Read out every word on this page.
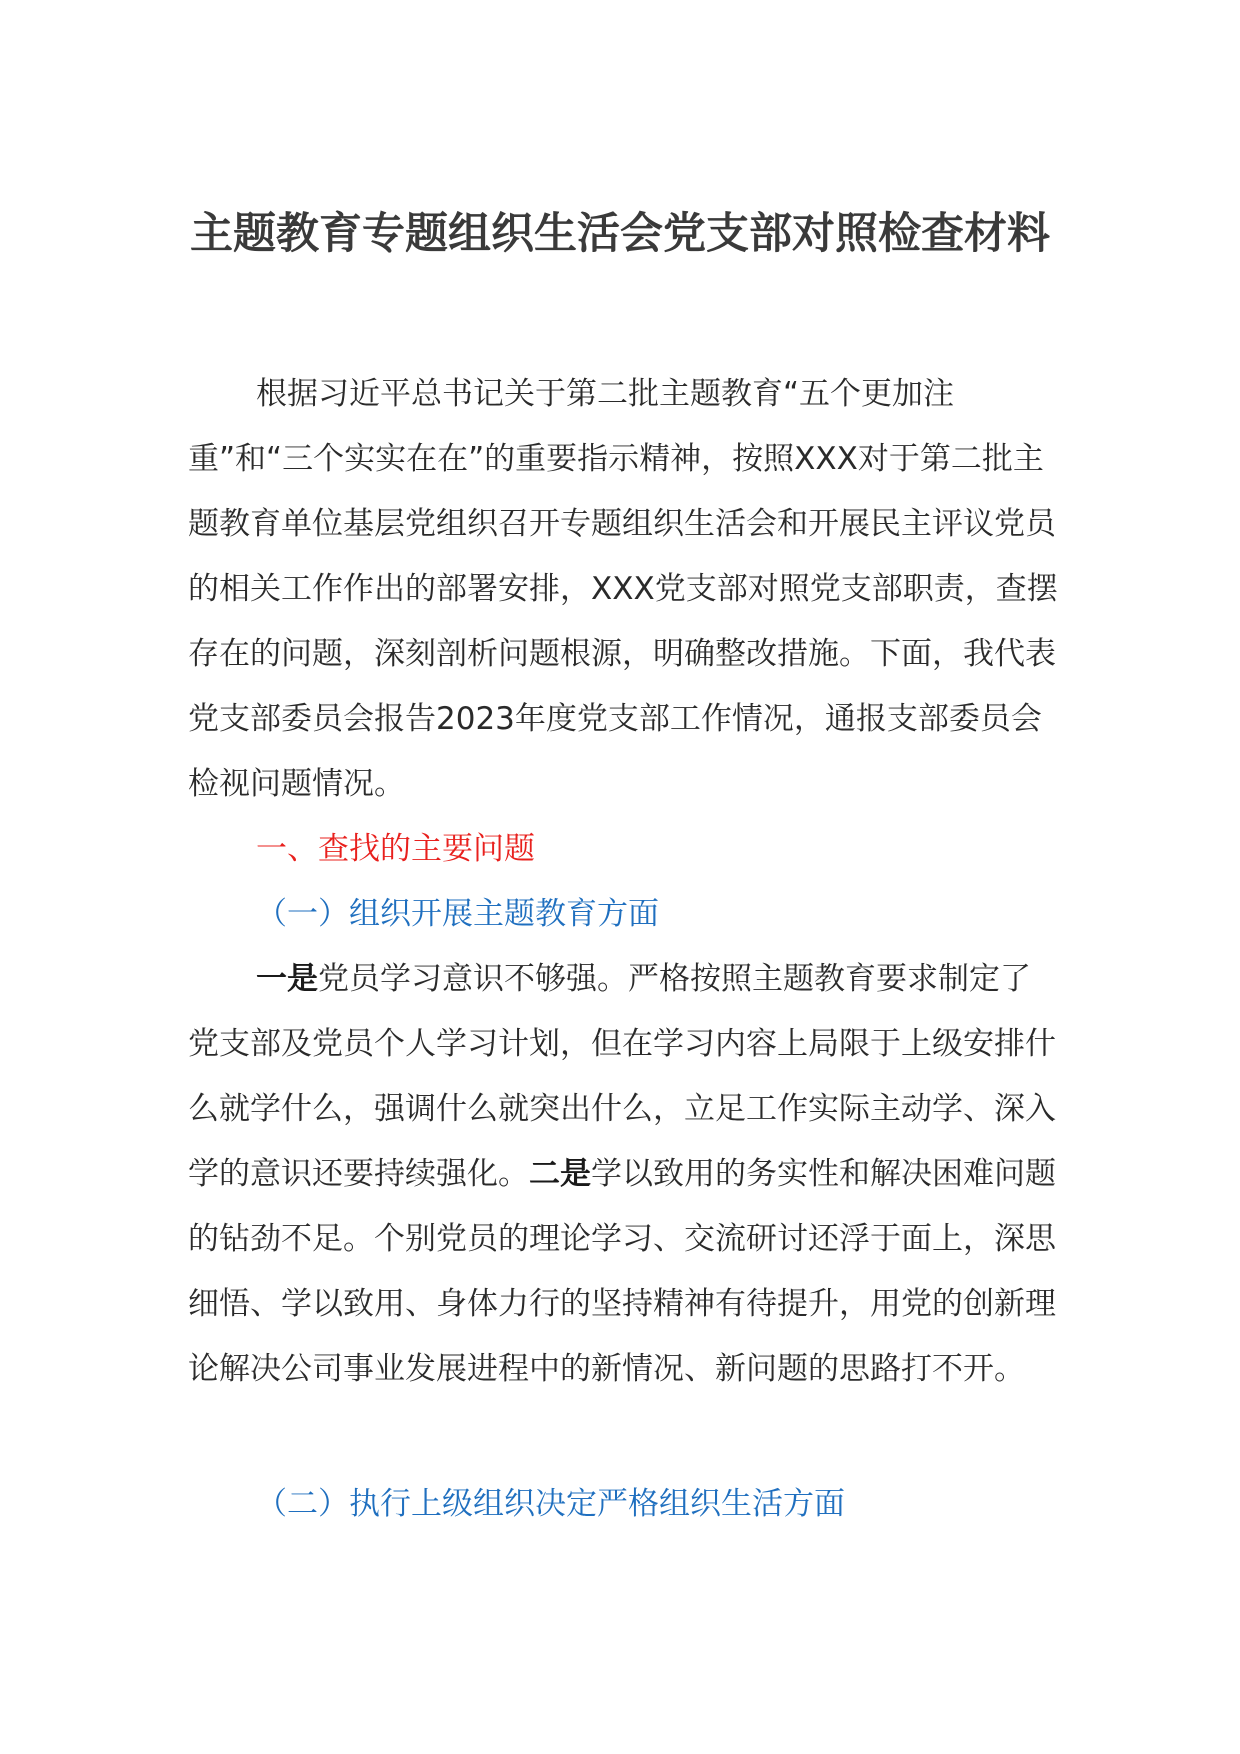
主题教育专题组织生活会党支部对照检查材料

根据习近平总书记关于第二批主题教育“五个更加注重”和“三个实实在在”的重要指示精神，按照XXX对于第二批主题教育单位基层党组织召开专题组织生活会和开展民主评议党员的相关工作作出的部署安排，XXX党支部对照党支部职责，查摆存在的问题，深刻剖析问题根源，明确整改措施。下面，我代表党支部委员会报告2023年度党支部工作情况，通报支部委员会检视问题情况。

一、查找的主要问题

（一）组织开展主题教育方面

一是党员学习意识不够强。严格按照主题教育要求制定了党支部及党员个人学习计划，但在学习内容上局限于上级安排什么就学什么，强调什么就突出什么，立足工作实际主动学、深入学的意识还要持续强化。二是学以致用的务实性和解决困难问题的钻劲不足。个别党员的理论学习、交流研讨还浮于面上，深思细悟、学以致用、身体力行的坚持精神有待提升，用党的创新理论解决公司事业发展进程中的新情况、新问题的思路打不开。

（二）执行上级组织决定严格组织生活方面
